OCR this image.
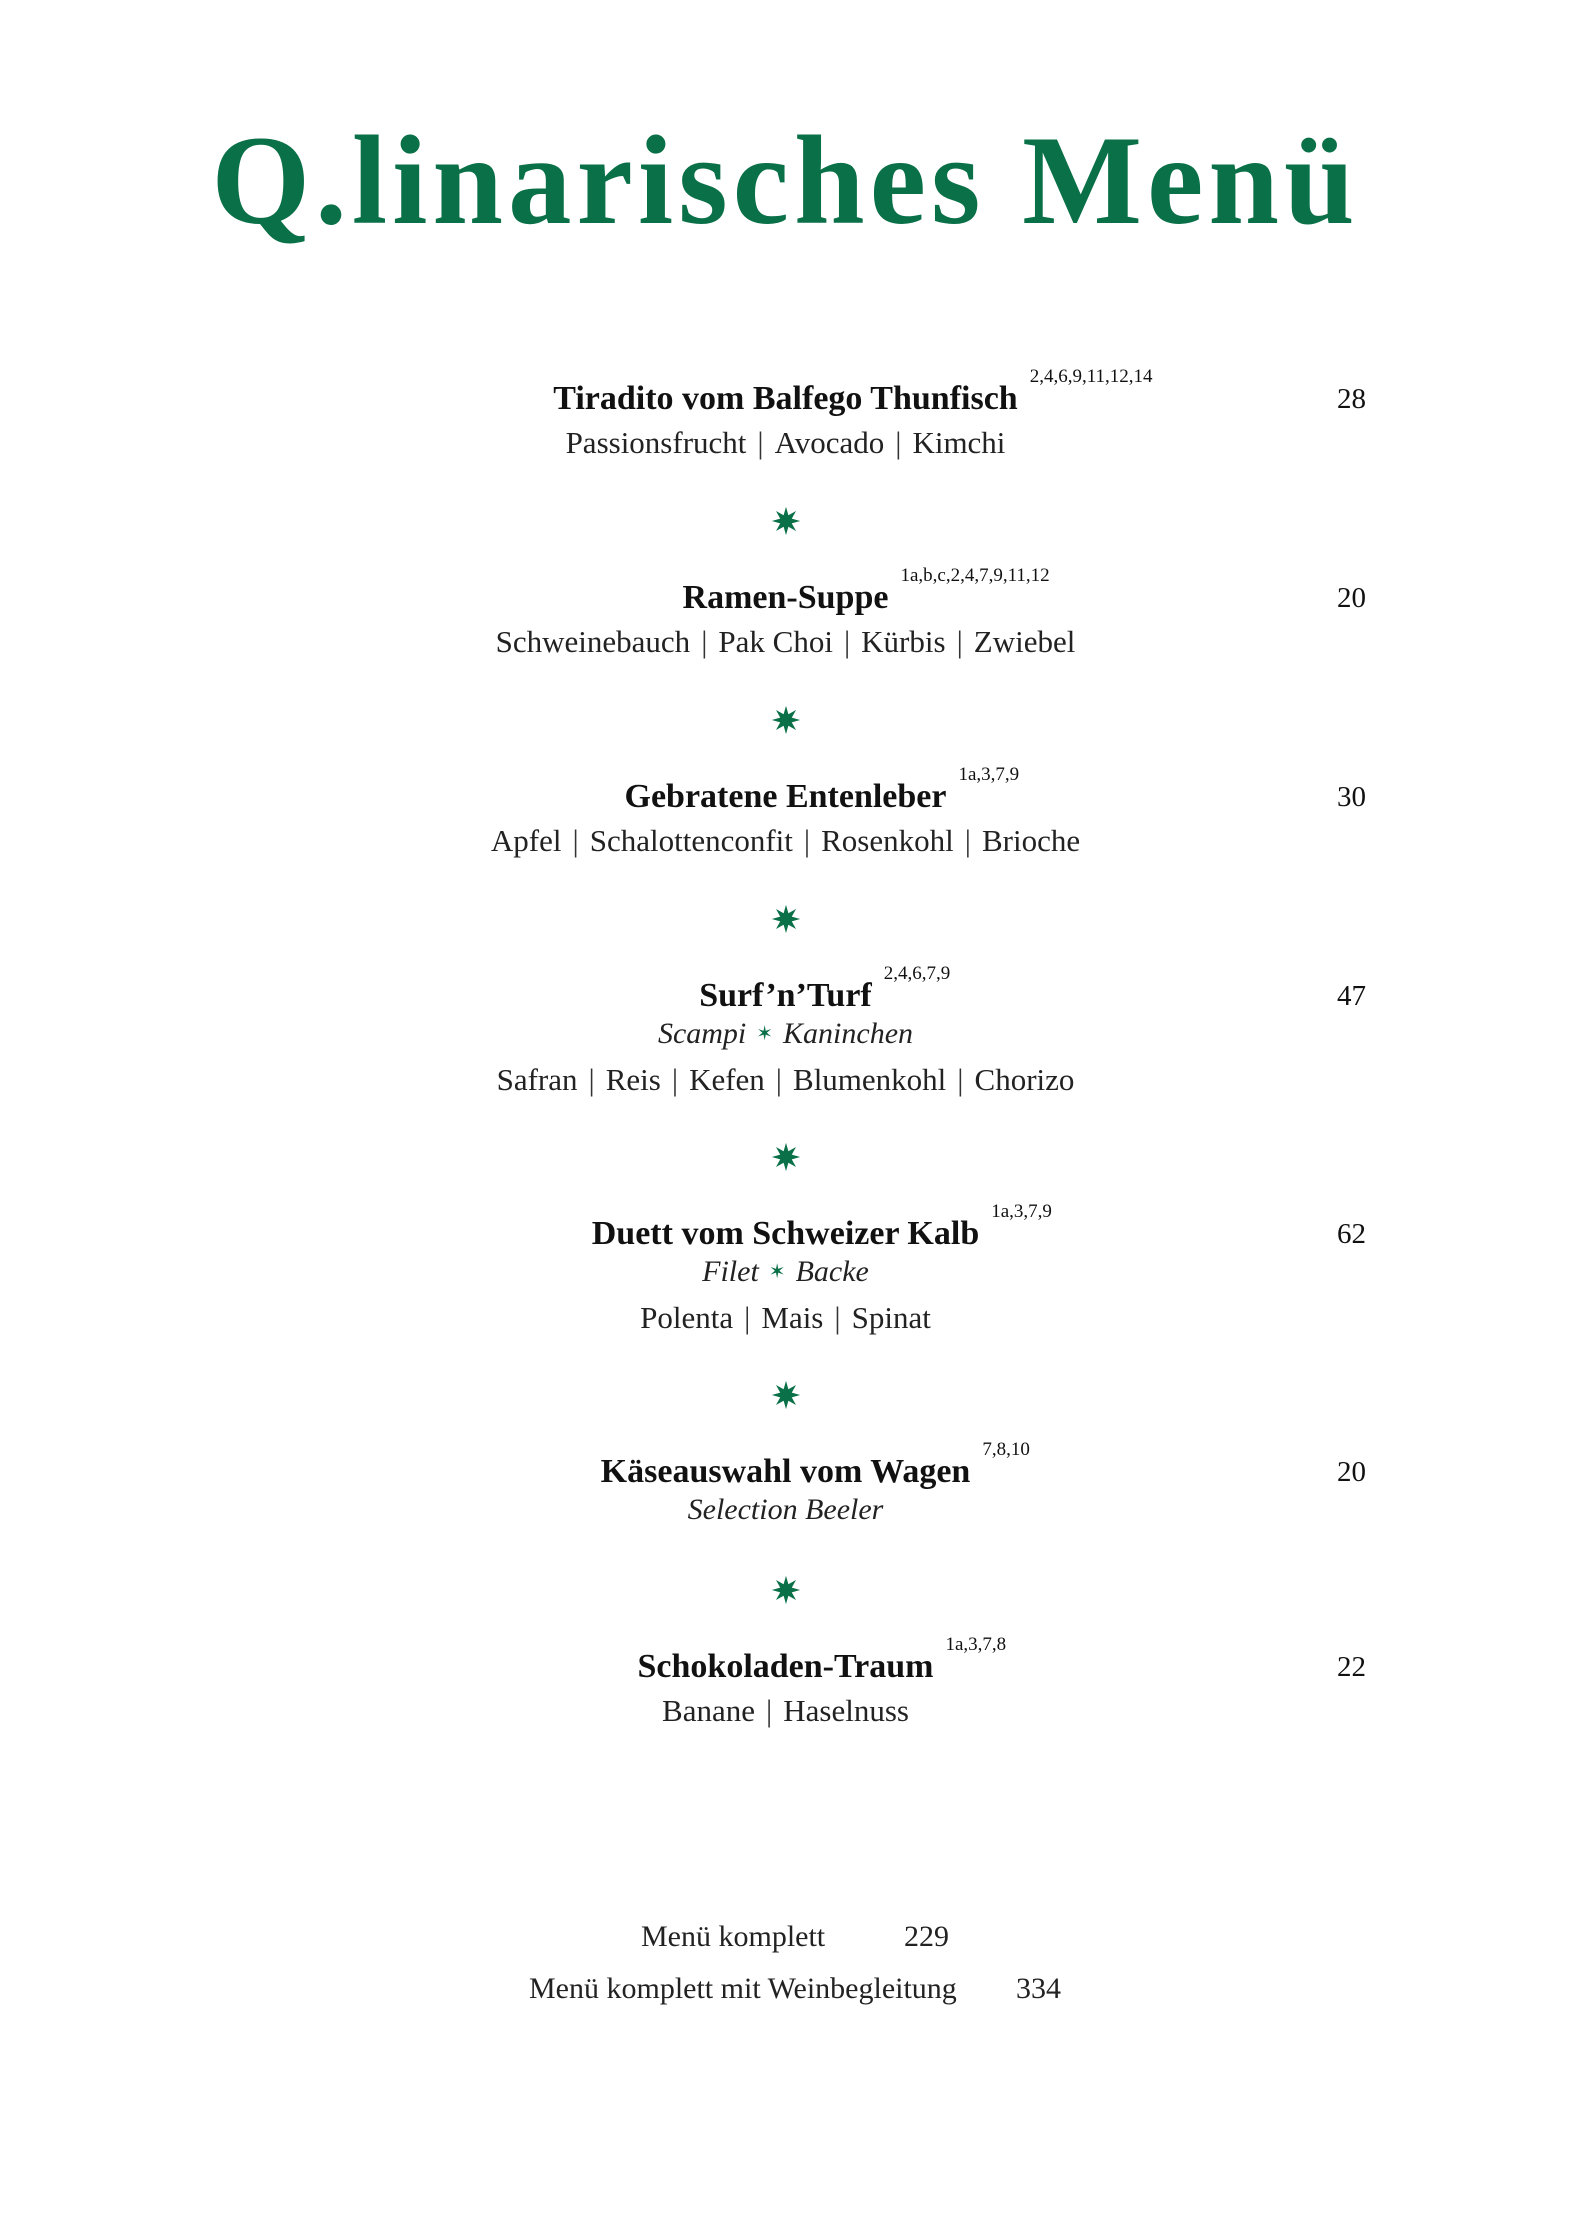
Q.linarisches Menü
Tiradito vom Balfego Thunfisch
2,4,6,9,11,12,14
28
Passionsfrucht | Avocado | Kimchi
Ramen-Suppe
1a,b,c,2,4,7,9,11,12
20
Schweinebauch | Pak Choi | Kürbis | Zwiebel
Gebratene Entenleber
1a,3,7,9
30
Apfel | Schalottenconfit | Rosenkohl | Brioche
Surf’n’Turf
2,4,6,7,9
47
Scampi ✶ Kaninchen
Safran | Reis | Kefen | Blumenkohl | Chorizo
Duett vom Schweizer Kalb
1a,3,7,9
62
Filet ✶ Backe
Polenta | Mais | Spinat
Käseauswahl vom Wagen
7,8,10
20
Selection Beeler
Schokoladen-Traum
1a,3,7,8
22
Banane | Haselnuss
Menü komplett	229
Menü komplett mit Weinbegleitung 334
